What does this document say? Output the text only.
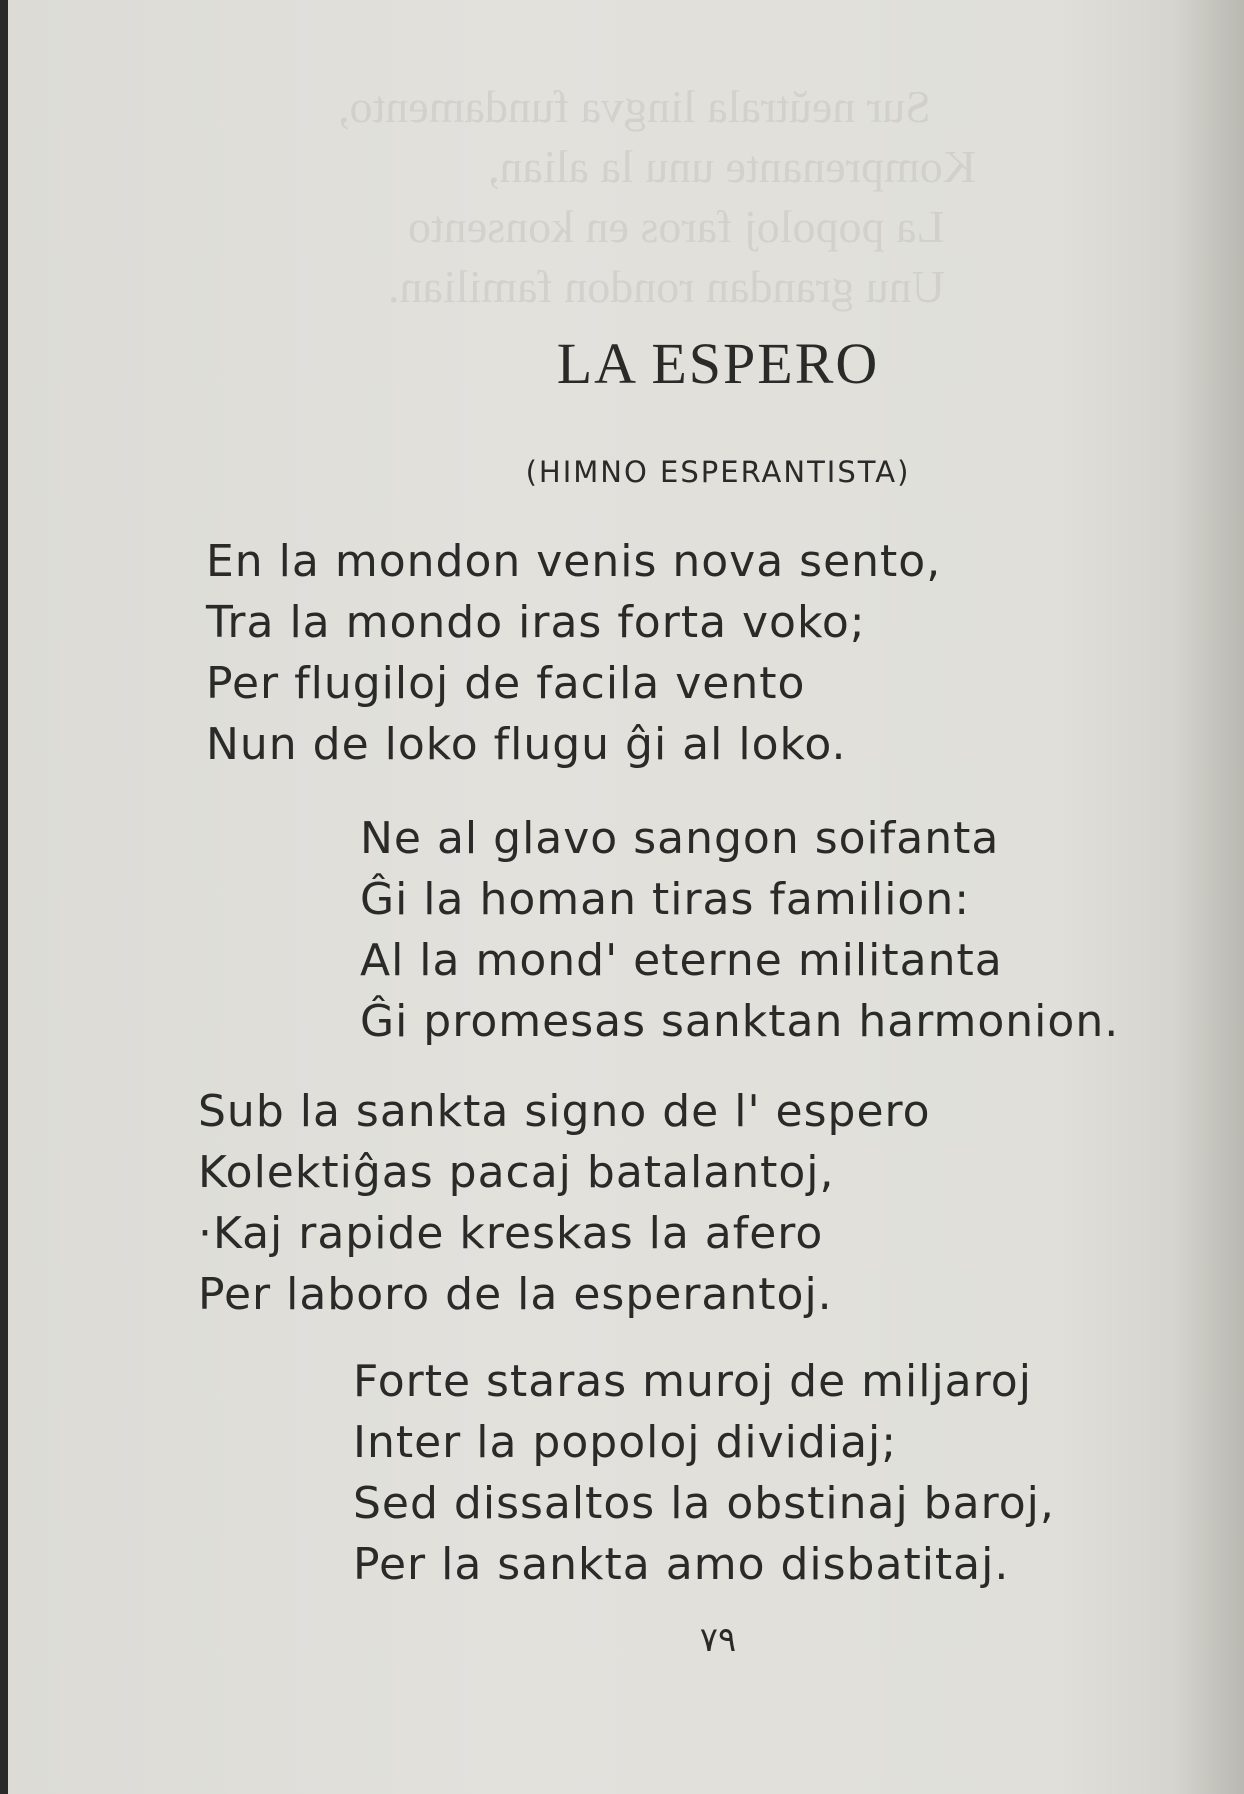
Sur neŭtrala lingva fundamento,
Komprenante unu la alian,
La popoloj faros en konsento
Unu grandan rondon familian.
LA ESPERO
(HIMNO ESPERANTISTA)
En la mondon venis nova sento,
Tra la mondo iras forta voko;
Per flugiloj de facila vento
Nun de loko flugu ĝi al loko.
Ne al glavo sangon soifanta
Ĝi la homan tiras familion:
Al la mond' eterne militanta
Ĝi promesas sanktan harmonion.
Sub la sankta signo de l' espero
Kolektiĝas pacaj batalantoj,
·Kaj rapide kreskas la afero
Per laboro de la esperantoj.
Forte staras muroj de miljaroj
Inter la popoloj dividiaj;
Sed dissaltos la obstinaj baroj,
Per la sankta amo disbatitaj.
٧٩
